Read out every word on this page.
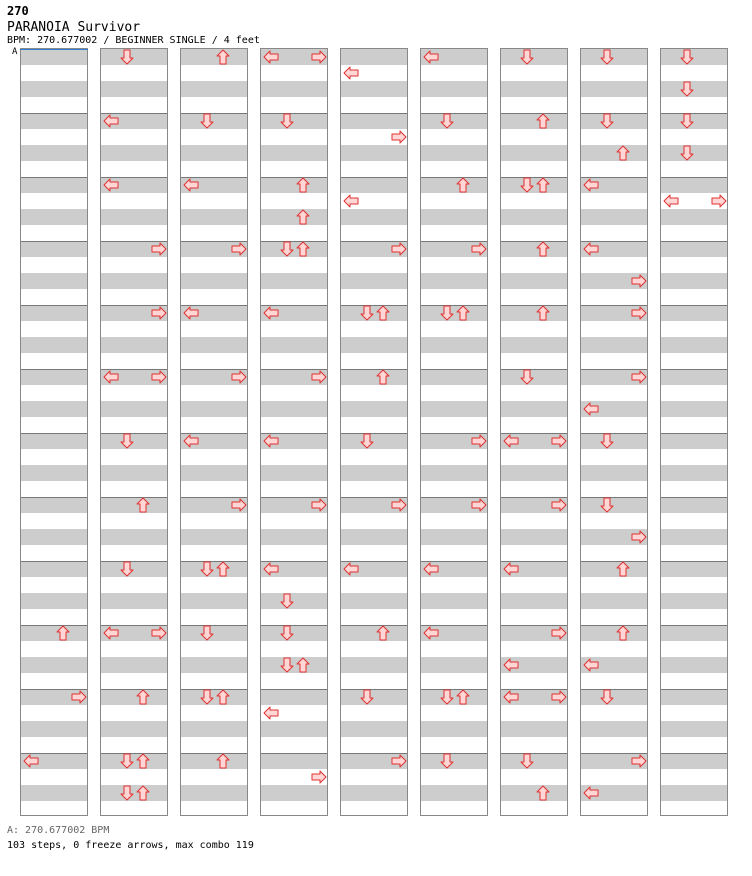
270
PARANOIA Survivor
BPM: 270.677002 / BEGINNER SINGLE / 4 feet
A
A: 270.677002 BPM
103 steps, 0 freeze arrows, max combo 119
